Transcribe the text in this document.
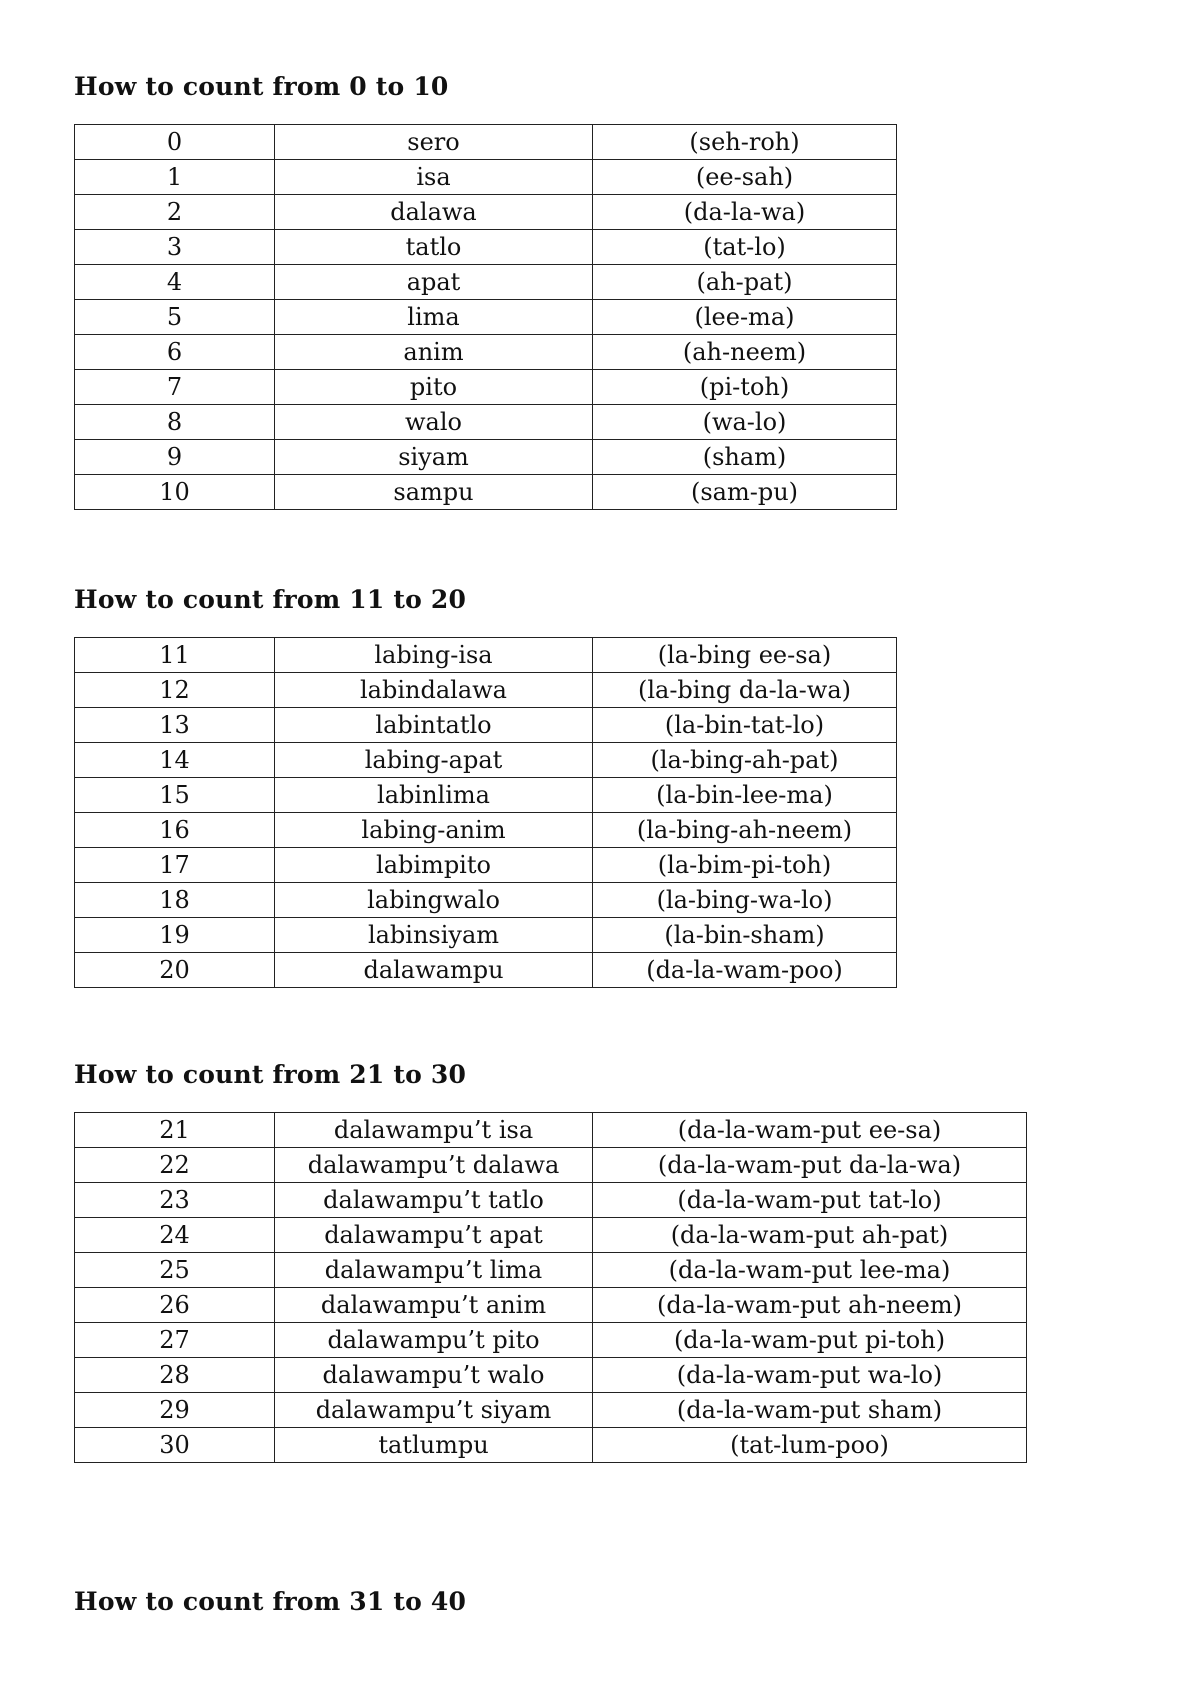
How to count from 0 to 10
0	sero	(seh-roh)
1	isa	(ee-sah)
2	dalawa	(da-la-wa)
3	tatlo	(tat-lo)
4	apat	(ah-pat)
5	lima	(lee-ma)
6	anim	(ah-neem)
7	pito	(pi-toh)
8	walo	(wa-lo)
9	siyam	(sham)
10	sampu	(sam-pu)
How to count from 11 to 20
11	labing-isa	(la-bing ee-sa)
12	labindalawa	(la-bing da-la-wa)
13	labintatlo	(la-bin-tat-lo)
14	labing-apat	(la-bing-ah-pat)
15	labinlima	(la-bin-lee-ma)
16	labing-anim	(la-bing-ah-neem)
17	labimpito	(la-bim-pi-toh)
18	labingwalo	(la-bing-wa-lo)
19	labinsiyam	(la-bin-sham)
20	dalawampu	(da-la-wam-poo)
How to count from 21 to 30
21	dalawampu’t isa	(da-la-wam-put ee-sa)
22	dalawampu’t dalawa	(da-la-wam-put da-la-wa)
23	dalawampu’t tatlo	(da-la-wam-put tat-lo)
24	dalawampu’t apat	(da-la-wam-put ah-pat)
25	dalawampu’t lima	(da-la-wam-put lee-ma)
26	dalawampu’t anim	(da-la-wam-put ah-neem)
27	dalawampu’t pito	(da-la-wam-put pi-toh)
28	dalawampu’t walo	(da-la-wam-put wa-lo)
29	dalawampu’t siyam	(da-la-wam-put sham)
30	tatlumpu	(tat-lum-poo)
How to count from 31 to 40
